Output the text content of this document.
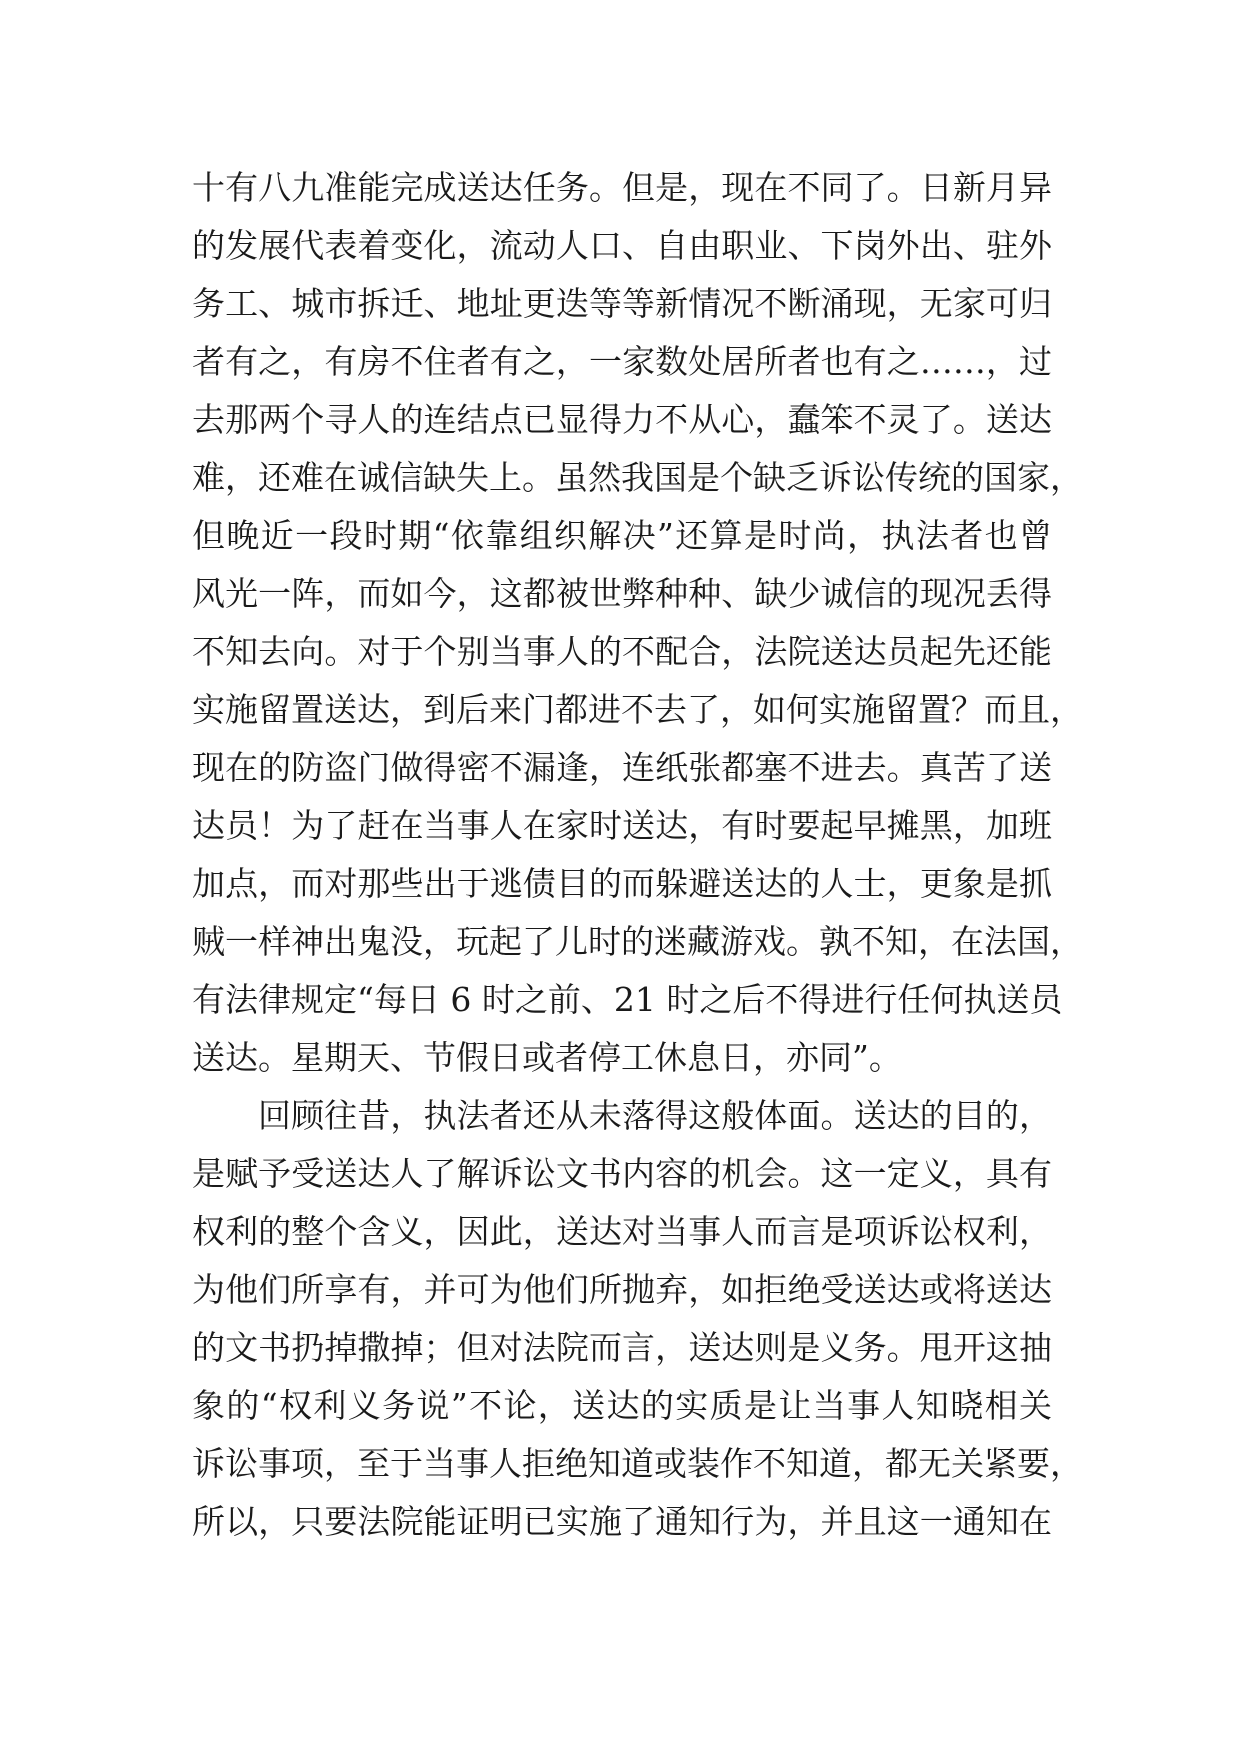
十有八九准能完成送达任务。但是，现在不同了。日新月异
的发展代表着变化，流动人口、自由职业、下岗外出、驻外
务工、城市拆迁、地址更迭等等新情况不断涌现，无家可归
者有之，有房不住者有之，一家数处居所者也有之……，过
去那两个寻人的连结点已显得力不从心，蠢笨不灵了。送达
难，还难在诚信缺失上。虽然我国是个缺乏诉讼传统的国家，
但晚近一段时期“依靠组织解决”还算是时尚，执法者也曾
风光一阵，而如今，这都被世弊种种、缺少诚信的现况丢得
不知去向。对于个别当事人的不配合，法院送达员起先还能
实施留置送达，到后来门都进不去了，如何实施留置？而且，
现在的防盗门做得密不漏逢，连纸张都塞不进去。真苦了送
达员！为了赶在当事人在家时送达，有时要起早摊黑，加班
加点，而对那些出于逃债目的而躲避送达的人士，更象是抓
贼一样神出鬼没，玩起了儿时的迷藏游戏。孰不知，在法国，
有法律规定“每日 6 时之前、21 时之后不得进行任何执送员
送达。星期天、节假日或者停工休息日，亦同”。
回顾往昔，执法者还从未落得这般体面。送达的目的，
是赋予受送达人了解诉讼文书内容的机会。这一定义，具有
权利的整个含义，因此，送达对当事人而言是项诉讼权利，
为他们所享有，并可为他们所抛弃，如拒绝受送达或将送达
的文书扔掉撒掉；但对法院而言，送达则是义务。甩开这抽
象的“权利义务说”不论，送达的实质是让当事人知晓相关
诉讼事项，至于当事人拒绝知道或装作不知道，都无关紧要，
所以，只要法院能证明已实施了通知行为，并且这一通知在
